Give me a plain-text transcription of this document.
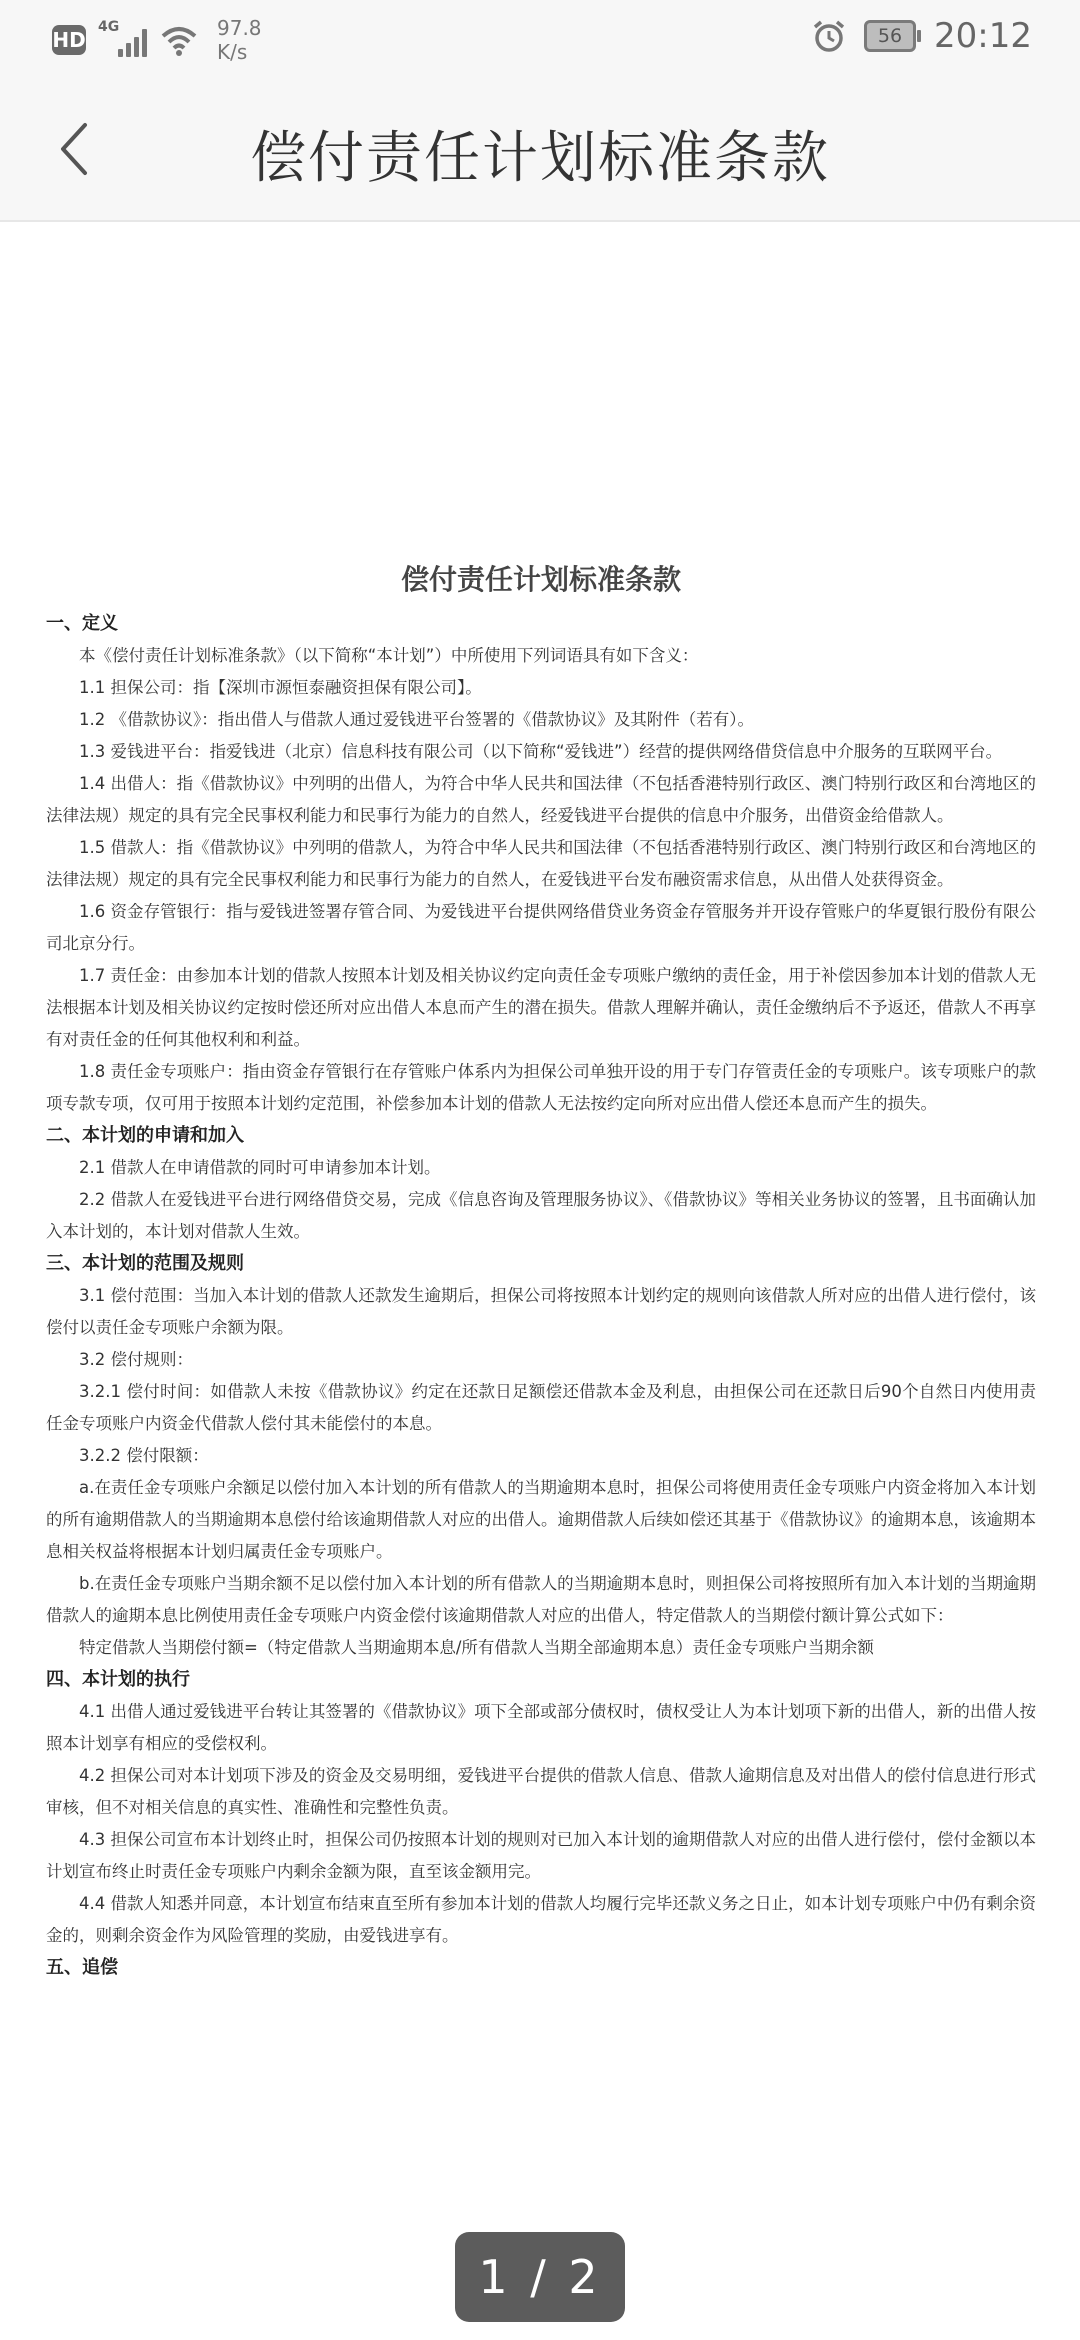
HD
4G	97.8
K/s
56 20:12
偿付责任计划标准条款
偿付责任计划标准条款
一、定义
本《偿付责任计划标准条款》（以下简称“本计划”）中所使用下列词语具有如下含义：
1.1 担保公司：指【深圳市源恒泰融资担保有限公司】。
1.2 《借款协议》：指出借人与借款人通过爱钱进平台签署的《借款协议》及其附件（若有）。
1.3 爱钱进平台：指爱钱进（北京）信息科技有限公司（以下简称“爱钱进”）经营的提供网络借贷信息中介服务的互联网平台。
1.4 出借人：指《借款协议》中列明的出借人，为符合中华人民共和国法律（不包括香港特别行政区、澳门特别行政区和台湾地区的法律法规）规定的具有完全民事权利能力和民事行为能力的自然人，经爱钱进平台提供的信息中介服务，出借资金给借款人。
1.5 借款人：指《借款协议》中列明的借款人，为符合中华人民共和国法律（不包括香港特别行政区、澳门特别行政区和台湾地区的法律法规）规定的具有完全民事权利能力和民事行为能力的自然人，在爱钱进平台发布融资需求信息，从出借人处获得资金。
1.6 资金存管银行：指与爱钱进签署存管合同、为爱钱进平台提供网络借贷业务资金存管服务并开设存管账户的华夏银行股份有限公司北京分行。
1.7 责任金：由参加本计划的借款人按照本计划及相关协议约定向责任金专项账户缴纳的责任金，用于补偿因参加本计划的借款人无法根据本计划及相关协议约定按时偿还所对应出借人本息而产生的潜在损失。借款人理解并确认，责任金缴纳后不予返还，借款人不再享有对责任金的任何其他权利和利益。
1.8 责任金专项账户：指由资金存管银行在存管账户体系内为担保公司单独开设的用于专门存管责任金的专项账户。该专项账户的款项专款专项，仅可用于按照本计划约定范围，补偿参加本计划的借款人无法按约定向所对应出借人偿还本息而产生的损失。
二、本计划的申请和加入
2.1 借款人在申请借款的同时可申请参加本计划。
2.2 借款人在爱钱进平台进行网络借贷交易，完成《信息咨询及管理服务协议》、《借款协议》等相关业务协议的签署，且书面确认加入本计划的，本计划对借款人生效。
三、本计划的范围及规则
3.1 偿付范围：当加入本计划的借款人还款发生逾期后，担保公司将按照本计划约定的规则向该借款人所对应的出借人进行偿付，该偿付以责任金专项账户余额为限。
3.2 偿付规则：
3.2.1 偿付时间：如借款人未按《借款协议》约定在还款日足额偿还借款本金及利息，由担保公司在还款日后90个自然日内使用责任金专项账户内资金代借款人偿付其未能偿付的本息。
3.2.2 偿付限额：
a.在责任金专项账户余额足以偿付加入本计划的所有借款人的当期逾期本息时，担保公司将使用责任金专项账户内资金将加入本计划的所有逾期借款人的当期逾期本息偿付给该逾期借款人对应的出借人。逾期借款人后续如偿还其基于《借款协议》的逾期本息，该逾期本息相关权益将根据本计划归属责任金专项账户。
b.在责任金专项账户当期余额不足以偿付加入本计划的所有借款人的当期逾期本息时，则担保公司将按照所有加入本计划的当期逾期借款人的逾期本息比例使用责任金专项账户内资金偿付该逾期借款人对应的出借人，特定借款人的当期偿付额计算公式如下：
特定借款人当期偿付额=（特定借款人当期逾期本息/所有借款人当期全部逾期本息）责任金专项账户当期余额
四、本计划的执行
4.1 出借人通过爱钱进平台转让其签署的《借款协议》项下全部或部分债权时，债权受让人为本计划项下新的出借人，新的出借人按照本计划享有相应的受偿权利。
4.2 担保公司对本计划项下涉及的资金及交易明细，爱钱进平台提供的借款人信息、借款人逾期信息及对出借人的偿付信息进行形式审核，但不对相关信息的真实性、准确性和完整性负责。
4.3 担保公司宣布本计划终止时，担保公司仍按照本计划的规则对已加入本计划的逾期借款人对应的出借人进行偿付，偿付金额以本计划宣布终止时责任金专项账户内剩余金额为限，直至该金额用完。
4.4 借款人知悉并同意，本计划宣布结束直至所有参加本计划的借款人均履行完毕还款义务之日止，如本计划专项账户中仍有剩余资金的，则剩余资金作为风险管理的奖励，由爱钱进享有。
五、追偿
1 / 2
